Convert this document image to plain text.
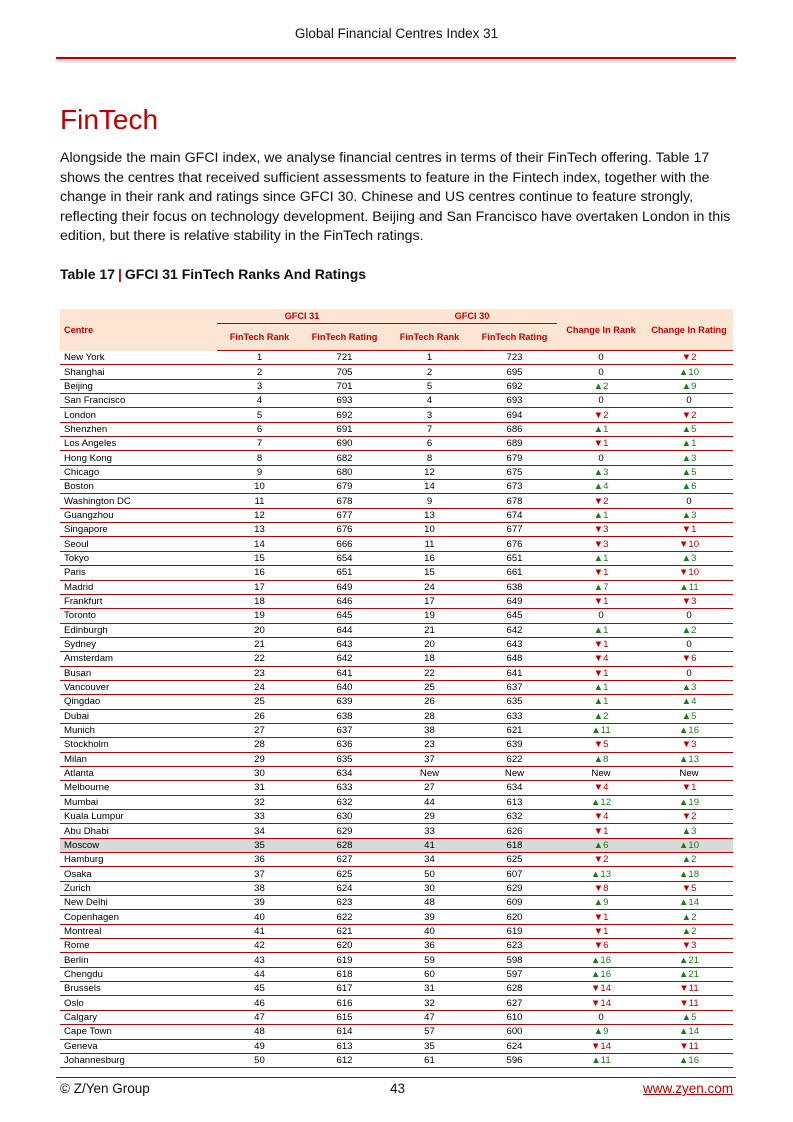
Global Financial Centres Index 31
FinTech
Alongside the main GFCI index, we analyse financial centres in terms of their FinTech offering. Table 17 shows the centres that received sufficient assessments to feature in the Fintech index, together with the change in their rank and ratings since GFCI 30. Chinese and US centres continue to feature strongly, reflecting their focus on technology development. Beijing and San Francisco have overtaken London in this edition, but there is relative stability in the FinTech ratings.
Table 17 | GFCI 31 FinTech Ranks And Ratings
Centre	GFCI 31		GFCI 30		Change In Rank	Change In Rating
	FinTech Rank	FinTech Rating	FinTech Rank	FinTech Rating		
New York	1	721	1	723	0	▼2
Shanghai	2	705	2	695	0	▲10
Beijing	3	701	5	692	▲2	▲9
San Francisco	4	693	4	693	0	0
London	5	692	3	694	▼2	▼2
Shenzhen	6	691	7	686	▲1	▲5
Los Angeles	7	690	6	689	▼1	▲1
Hong Kong	8	682	8	679	0	▲3
Chicago	9	680	12	675	▲3	▲5
Boston	10	679	14	673	▲4	▲6
Washington DC	11	678	9	678	▼2	0
Guangzhou	12	677	13	674	▲1	▲3
Singapore	13	676	10	677	▼3	▼1
Seoul	14	666	11	676	▼3	▼10
Tokyo	15	654	16	651	▲1	▲3
Paris	16	651	15	661	▼1	▼10
Madrid	17	649	24	638	▲7	▲11
Frankfurt	18	646	17	649	▼1	▼3
Toronto	19	645	19	645	0	0
Edinburgh	20	644	21	642	▲1	▲2
Sydney	21	643	20	643	▼1	0
Amsterdam	22	642	18	648	▼4	▼6
Busan	23	641	22	641	▼1	0
Vancouver	24	640	25	637	▲1	▲3
Qingdao	25	639	26	635	▲1	▲4
Dubai	26	638	28	633	▲2	▲5
Munich	27	637	38	621	▲11	▲16
Stockholm	28	636	23	639	▼5	▼3
Milan	29	635	37	622	▲8	▲13
Atlanta	30	634	New	New	New	New
Melbourne	31	633	27	634	▼4	▼1
Mumbai	32	632	44	613	▲12	▲19
Kuala Lumpur	33	630	29	632	▼4	▼2
Abu Dhabi	34	629	33	626	▼1	▲3
Moscow	35	628	41	618	▲6	▲10
Hamburg	36	627	34	625	▼2	▲2
Osaka	37	625	50	607	▲13	▲18
Zurich	38	624	30	629	▼8	▼5
New Delhi	39	623	48	609	▲9	▲14
Copenhagen	40	622	39	620	▼1	▲2
Montreal	41	621	40	619	▼1	▲2
Rome	42	620	36	623	▼6	▼3
Berlin	43	619	59	598	▲16	▲21
Chengdu	44	618	60	597	▲16	▲21
Brussels	45	617	31	628	▼14	▼11
Oslo	46	616	32	627	▼14	▼11
Calgary	47	615	47	610	0	▲5
Cape Town	48	614	57	600	▲9	▲14
Geneva	49	613	35	624	▼14	▼11
Johannesburg	50	612	61	596	▲11	▲16
© Z/Yen Group	43	www.zyen.com
